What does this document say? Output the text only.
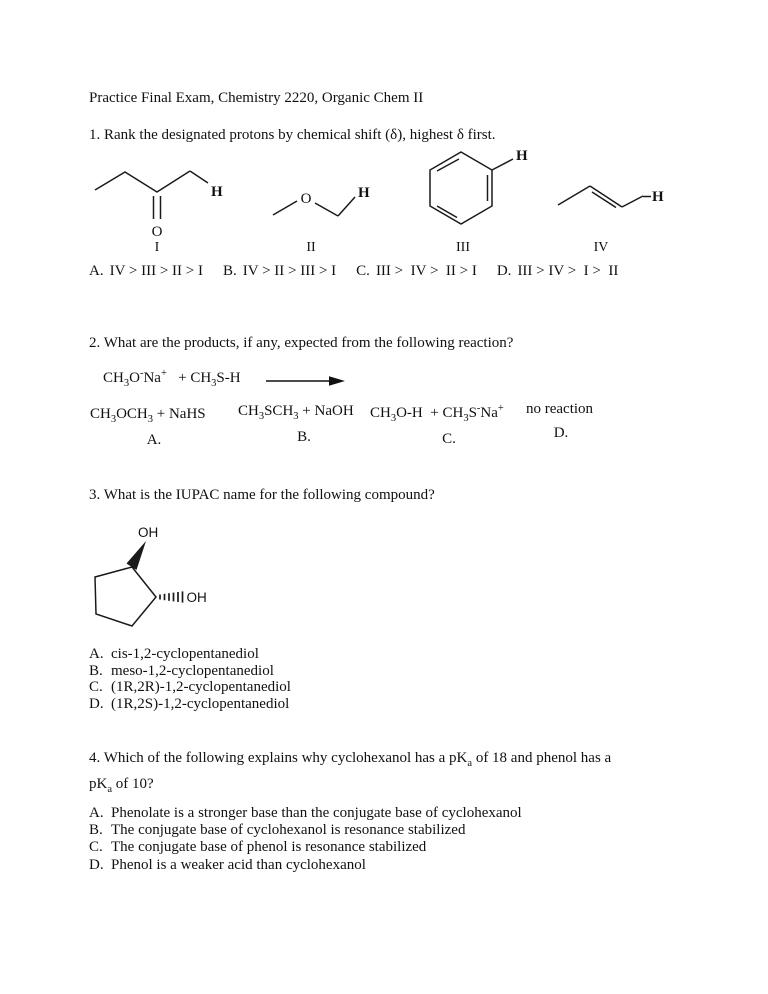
Practice Final Exam, Chemistry 2220, Organic Chem II
1. Rank the designated protons by chemical shift (δ), highest δ first.
H
O
I
O	H
II
H
III
H
IV
A. IV > III > II > I B. IV > II > III > I C. III >  IV >  II > I D. III > IV >  I >  II
2. What are the products, if any, expected from the following reaction?
$CH_3O^-Na^+ + CH_3S-H$
$CH_3OCH_3$ + NaHS
A.
$CH_3SCH_3$ + NaOH
B.
$CH_3O-H + CH_3S^-Na^+$
C.
no reaction
D.
3. What is the IUPAC name for the following compound?
OH
OH
A. cis-1,2-cyclopentanediol
B. meso-1,2-cyclopentanediol
C. (1R,2R)-1,2-cyclopentanediol
D. (1R,2S)-1,2-cyclopentanediol
4. Which of the following explains why cyclohexanol has a $pK_a$ of 18 and phenol has a
$pK_a$ of 10?
A. Phenolate is a stronger base than the conjugate base of cyclohexanol
B. The conjugate base of cyclohexanol is resonance stabilized
C. The conjugate base of phenol is resonance stabilized
D. Phenol is a weaker acid than cyclohexanol
